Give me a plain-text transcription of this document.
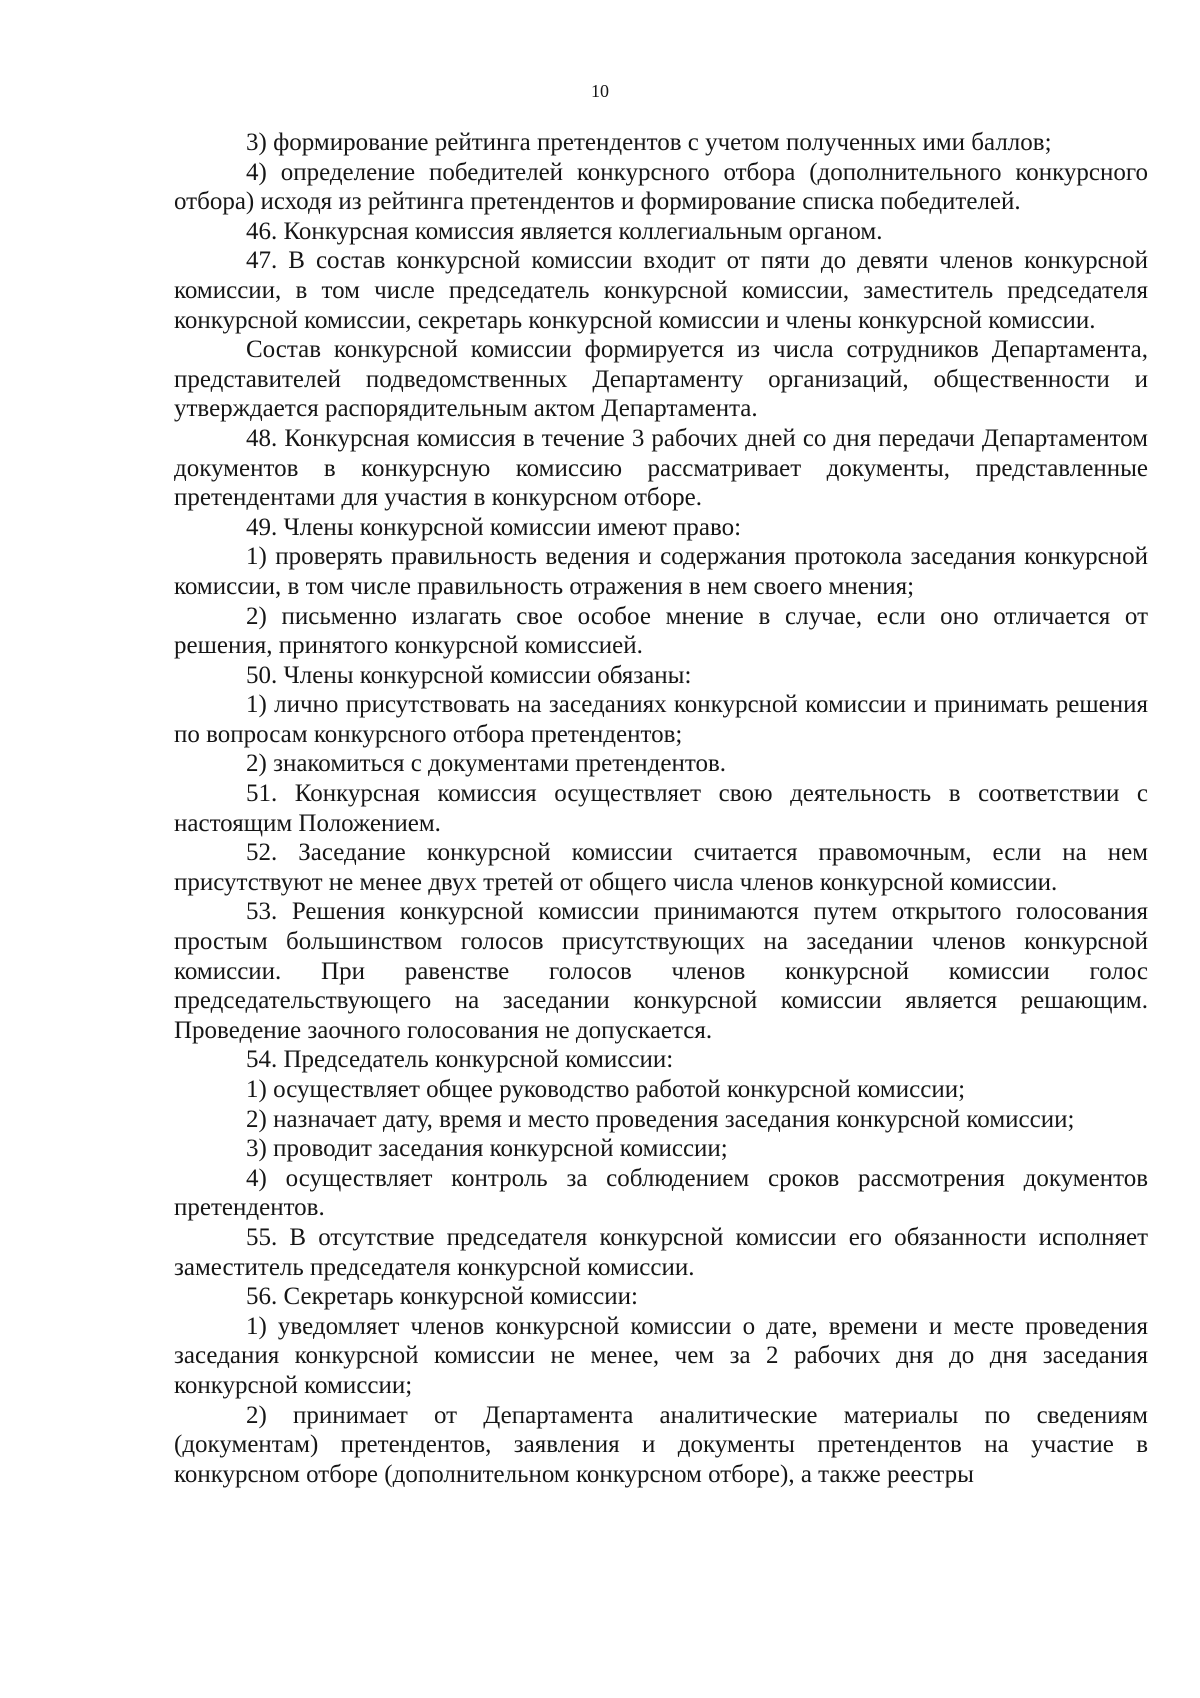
10

3) формирование рейтинга претендентов с учетом полученных ими баллов;

4) определение победителей конкурсного отбора (дополнительного конкурсного отбора) исходя из рейтинга претендентов и формирование списка победителей.

46. Конкурсная комиссия является коллегиальным органом.

47. В состав конкурсной комиссии входит от пяти до девяти членов конкурсной комиссии, в том числе председатель конкурсной комиссии, заместитель председателя конкурсной комиссии, секретарь конкурсной комиссии и члены конкурсной комиссии.

Состав конкурсной комиссии формируется из числа сотрудников Департамента, представителей подведомственных Департаменту организаций, общественности и утверждается распорядительным актом Департамента.

48. Конкурсная комиссия в течение 3 рабочих дней со дня передачи Департаментом документов в конкурсную комиссию рассматривает документы, представленные претендентами для участия в конкурсном отборе.

49. Члены конкурсной комиссии имеют право:

1) проверять правильность ведения и содержания протокола заседания конкурсной комиссии, в том числе правильность отражения в нем своего мнения;

2) письменно излагать свое особое мнение в случае, если оно отличается от решения, принятого конкурсной комиссией.

50. Члены конкурсной комиссии обязаны:

1) лично присутствовать на заседаниях конкурсной комиссии и принимать решения по вопросам конкурсного отбора претендентов;

2) знакомиться с документами претендентов.

51. Конкурсная комиссия осуществляет свою деятельность в соответствии с настоящим Положением.

52. Заседание конкурсной комиссии считается правомочным, если на нем присутствуют не менее двух третей от общего числа членов конкурсной комиссии.

53. Решения конкурсной комиссии принимаются путем открытого голосования простым большинством голосов присутствующих на заседании членов конкурсной комиссии. При равенстве голосов членов конкурсной комиссии голос председательствующего на заседании конкурсной комиссии является решающим. Проведение заочного голосования не допускается.

54. Председатель конкурсной комиссии:

1) осуществляет общее руководство работой конкурсной комиссии;

2) назначает дату, время и место проведения заседания конкурсной комиссии;

3) проводит заседания конкурсной комиссии;

4) осуществляет контроль за соблюдением сроков рассмотрения документов претендентов.

55. В отсутствие председателя конкурсной комиссии его обязанности исполняет заместитель председателя конкурсной комиссии.

56. Секретарь конкурсной комиссии:

1) уведомляет членов конкурсной комиссии о дате, времени и месте проведения заседания конкурсной комиссии не менее, чем за 2 рабочих дня до дня заседания конкурсной комиссии;

2) принимает от Департамента аналитические материалы по сведениям (документам) претендентов, заявления и документы претендентов на участие в конкурсном отборе (дополнительном конкурсном отборе), а также реестры
